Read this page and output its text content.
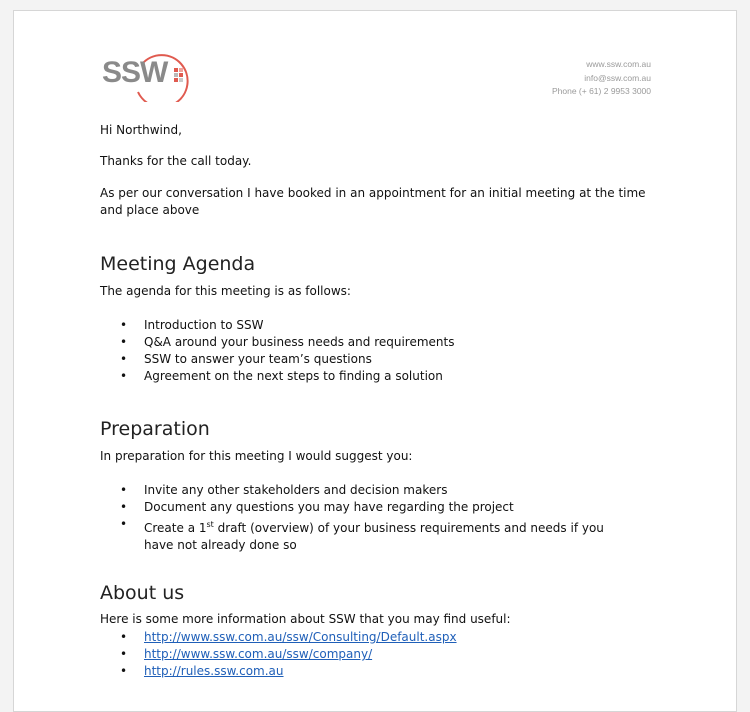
SSW	www.ssw.com.au
info@ssw.com.au
Phone (+ 61) 2 9953 3000

Hi Northwind,

Thanks for the call today.

As per our conversation I have booked in an appointment for an initial meeting at the time and place above

Meeting Agenda

The agenda for this meeting is as follows:

• Introduction to SSW
• Q&A around your business needs and requirements
• SSW to answer your team’s questions
• Agreement on the next steps to finding a solution
Preparation

In preparation for this meeting I would suggest you:

• Invite any other stakeholders and decision makers
• Document any questions you may have regarding the project
• Create a 1st draft (overview) of your business requirements and needs if you have not already done so
About us

Here is some more information about SSW that you may find useful:

• http://www.ssw.com.au/ssw/Consulting/Default.aspx
• http://www.ssw.com.au/ssw/company/
• http://rules.ssw.com.au
